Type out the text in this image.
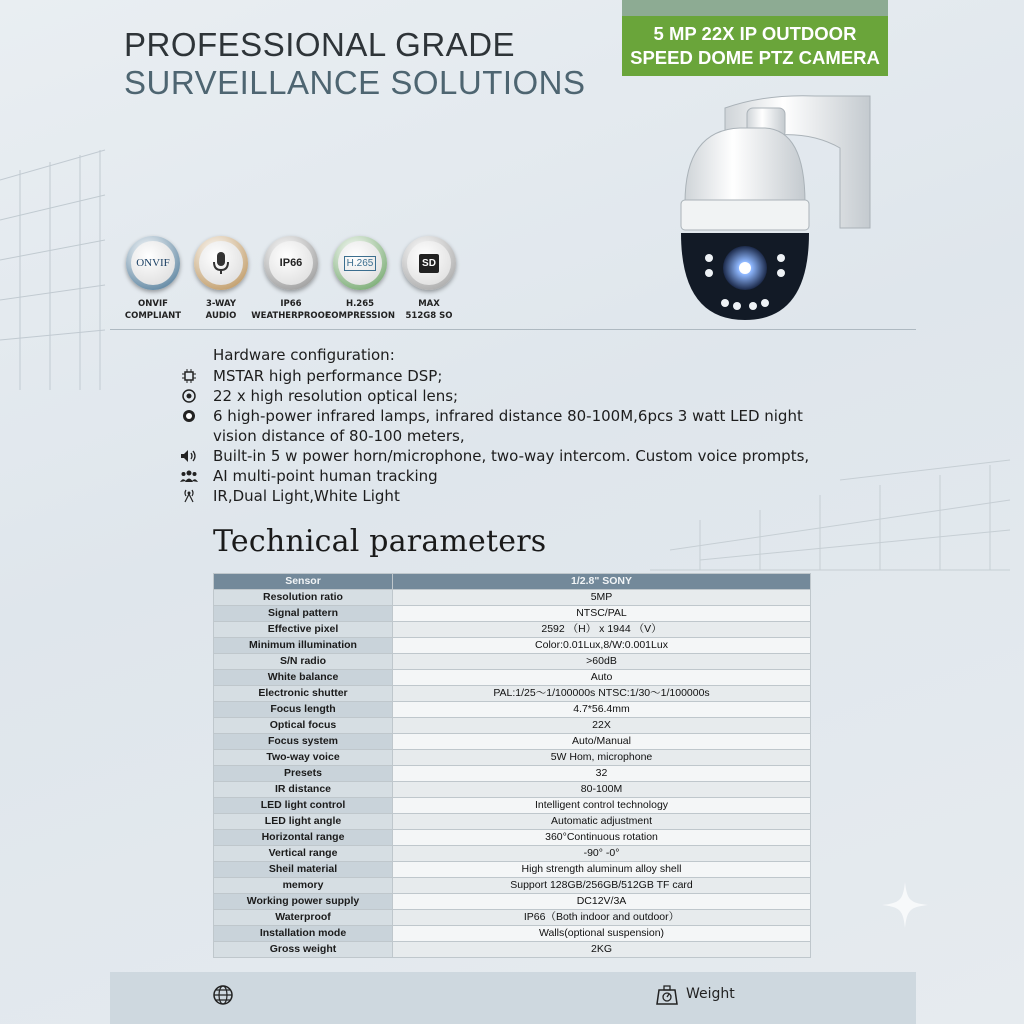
PROFESSIONAL GRADE
SURVEILLANCE SOLUTIONS
5 MP 22X IP OUTDOOR
SPEED DOME PTZ CAMERA
ONVIF
ONVIF
COMPLIANT
3-WAY
AUDIO
IP66
IP66
WEATHERPROOF
H.265
H.265
COMPRESSION
SD
MAX
512G8 SO
Hardware configuration:
MSTAR high performance DSP;
22 x high resolution optical lens;
6 high-power infrared lamps, infrared distance 80-100M,6pcs 3 watt LED night vision distance of 80-100 meters,
Built-in 5 w power horn/microphone, two-way intercom. Custom voice prompts,
AI multi-point human tracking
IR,Dual Light,White Light
Technical parameters
Sensor	1/2.8" SONY
Resolution ratio	5MP
Signal pattern	NTSC/PAL
Effective pixel	2592 （H） x 1944 （V）
Minimum illumination	Color:0.01Lux,8/W:0.001Lux
S/N radio	>60dB
White balance	Auto
Electronic shutter	PAL:1/25～1/100000s NTSC:1/30～1/100000s
Focus length	4.7*56.4mm
Optical focus	22X
Focus system	Auto/Manual
Two-way voice	5W Hom, microphone
Presets	32
IR distance	80-100M
LED light control	Intelligent control technology
LED light angle	Automatic adjustment
Horizontal range	360°Continuous rotation
Vertical range	-90° -0°
Sheil material	High strength aluminum alloy shell
memory	Support 128GB/256GB/512GB TF card
Working power supply	DC12V/3A
Waterproof	IP66（Both indoor and outdoor）
Installation mode	Walls(optional suspension)
Gross weight	2KG
Weight
